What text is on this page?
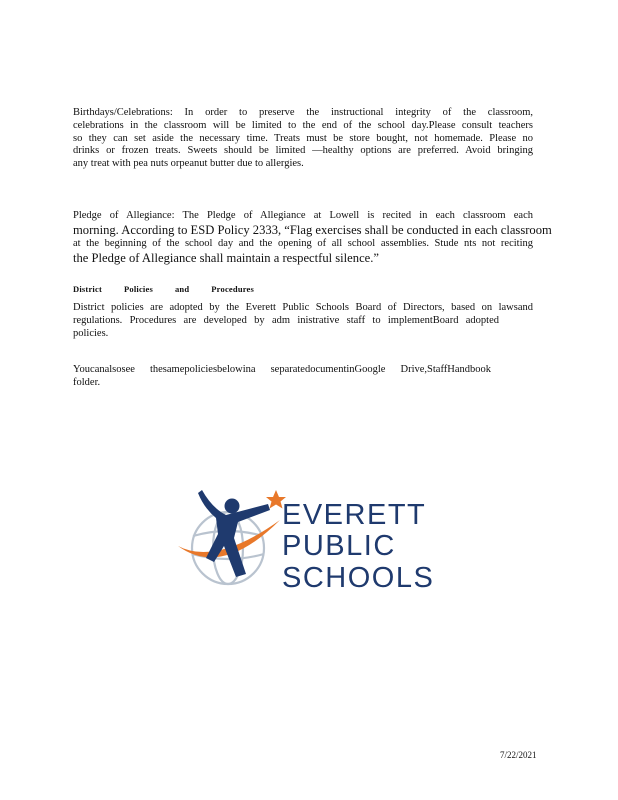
Birthdays/Celebrations: In order to preserve the instructional integrity of the classroom,
celebrations in the classroom will be limited to the end of the school day.Please consult teachers
so they can set aside the necessary time. Treats must be store bought, not homemade. Please no
drinks or frozen treats. Sweets should be limited —healthy options are preferred. Avoid bringing
any treat with pea nuts orpeanut butter due to allergies.
Pledge of Allegiance: The Pledge of Allegiance at Lowell is recited in each classroom each
morning. According to ESD Policy 2333, “Flag exercises shall be conducted in each classroom
at the beginning of the school day and the opening of all school assemblies. Stude nts not reciting
the Pledge of Allegiance shall maintain a respectful silence.”
District	Policies	and	Procedures
District policies are adopted by the Everett Public Schools Board of Directors, based on lawsand
regulations. Procedures are developed by adm inistrative staff to implementBoard adopted
policies.
Youcanalsosee thesamepoliciesbelowina separatedocumentinGoogle Drive,StaffHandbook
folder.
EVERETT
PUBLIC
SCHOOLS
7/22/2021
